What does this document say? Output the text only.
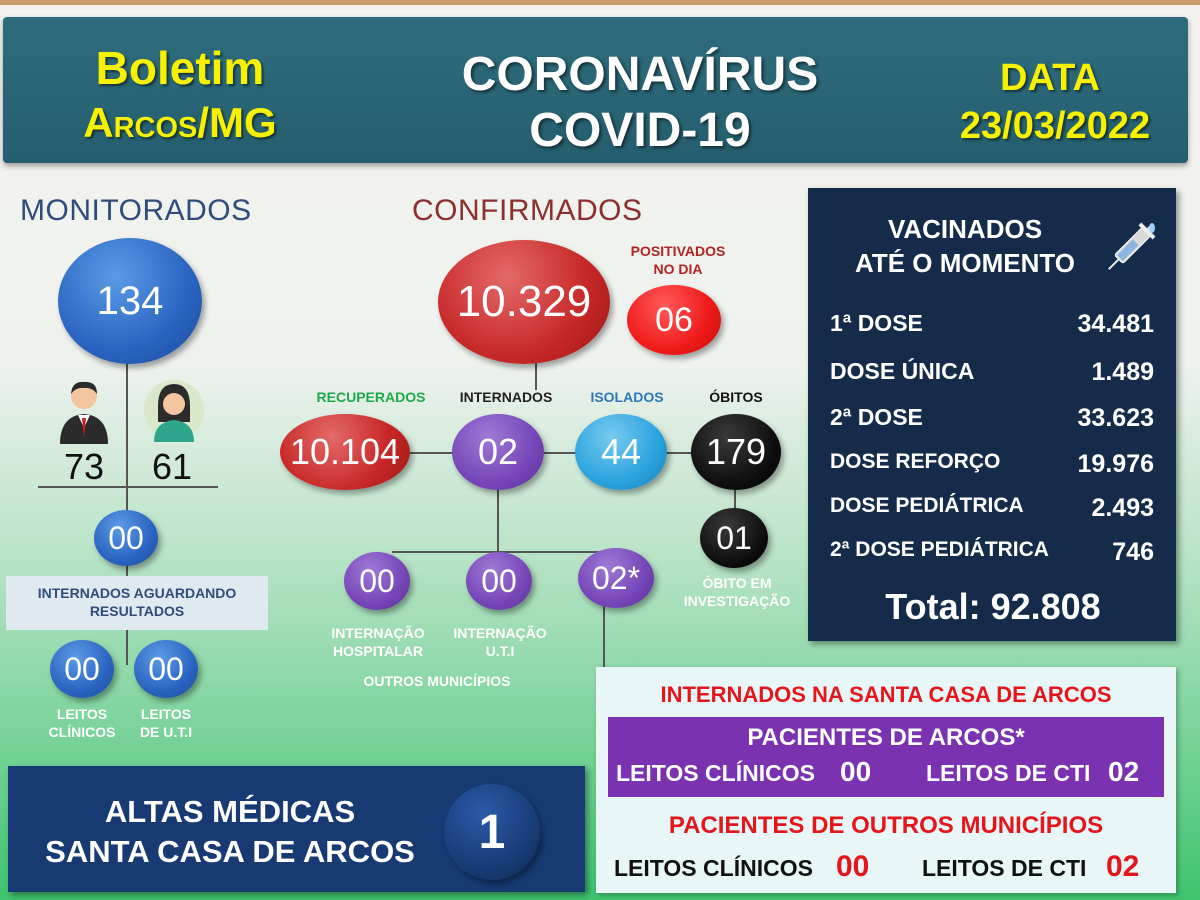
Boletim
Arcos/MG
CORONAVÍRUS
COVID-19
DATA
23/03/2022
MONITORADOS
134
73	61
00
INTERNADOS AGUARDANDO RESULTADOS
00 00
LEITOS
CLÍNICOS
LEITOS
DE U.T.I
CONFIRMADOS
10.329
POSITIVADOS
NO DIA
06
RECUPERADOS	INTERNADOS	ISOLADOS	ÓBITOS
10.104 02 44 179
01
ÓBITO EM
INVESTIGAÇÃO
00	00 02*
INTERNAÇÃO
HOSPITALAR
INTERNAÇÃO
U.T.I
OUTROS MUNICÍPIOS
VACINADOS
ATÉ O MOMENTO
1ª DOSE	34.481
DOSE ÚNICA	1.489
2ª DOSE	33.623
DOSE REFORÇO	19.976
DOSE PEDIÁTRICA	2.493
2ª DOSE PEDIÁTRICA	746
Total: 92.808
ALTAS MÉDICAS
SANTA CASA DE ARCOS	1
INTERNADOS NA SANTA CASA DE ARCOS
PACIENTES DE ARCOS*
LEITOS CLÍNICOS 00	LEITOS DE CTI 02
PACIENTES DE OUTROS MUNICÍPIOS
LEITOS CLÍNICOS 00	LEITOS DE CTI 02
